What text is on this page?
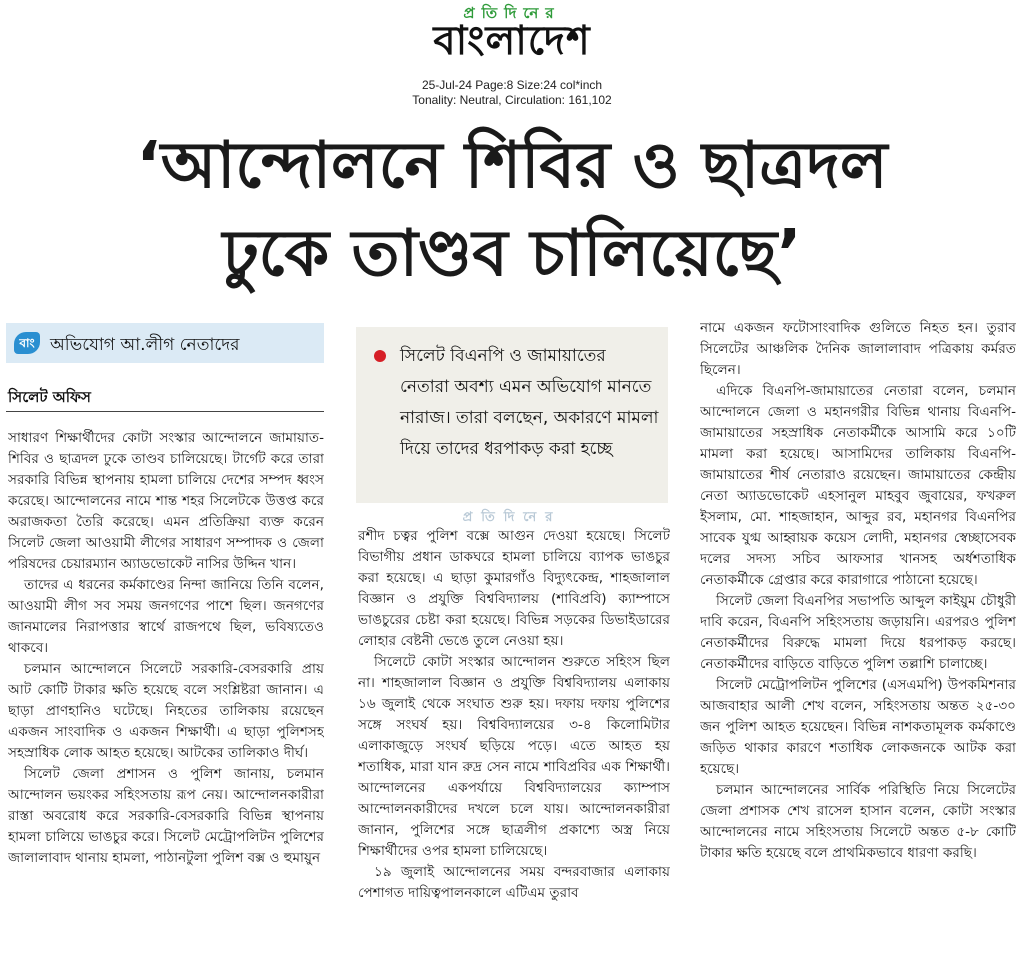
প্রতিদিনের
বাংলাদেশ
25-Jul-24 Page:8 Size:24 col*inch
Tonality: Neutral, Circulation: 161,102
‘আন্দোলনে শিবির ও ছাত্রদল
ঢুকে তাণ্ডব চালিয়েছে’
বাং অভিযোগ আ.লীগ নেতাদের
সিলেট অফিস
সিলেট বিএনপি ও জামায়াতের নেতারা অবশ্য এমন অভিযোগ মানতে নারাজ। তারা বলছেন, অকারণে মামলা দিয়ে তাদের ধরপাকড় করা হচ্ছে
প্রতিদিনের

সাধারণ শিক্ষার্থীদের কোটা সংস্কার আন্দোলনে জামায়াত-শিবির ও ছাত্রদল ঢুকে তাণ্ডব চালিয়েছে। টার্গেট করে তারা সরকারি বিভিন্ন স্থাপনায় হামলা চালিয়ে দেশের সম্পদ ধ্বংস করেছে। আন্দোলনের নামে শান্ত শহর সিলেটকে উত্তপ্ত করে অরাজকতা তৈরি করেছে। এমন প্রতিক্রিয়া ব্যক্ত করেন সিলেট জেলা আওয়ামী লীগের সাধারণ সম্পাদক ও জেলা পরিষদের চেয়ারম্যান অ্যাডভোকেট নাসির উদ্দিন খান।

তাদের এ ধরনের কর্মকাণ্ডের নিন্দা জানিয়ে তিনি বলেন, আওয়ামী লীগ সব সময় জনগণের পাশে ছিল। জনগণের জানমালের নিরাপত্তার স্বার্থে রাজপথে ছিল, ভবিষ্যতেও থাকবে।

চলমান আন্দোলনে সিলেটে সরকারি-বেসরকারি প্রায় আট কোটি টাকার ক্ষতি হয়েছে বলে সংশ্লিষ্টরা জানান। এ ছাড়া প্রাণহানিও ঘটেছে। নিহতের তালিকায় রয়েছেন একজন সাংবাদিক ও একজন শিক্ষার্থী। এ ছাড়া পুলিশসহ সহস্রাধিক লোক আহত হয়েছে। আটকের তালিকাও দীর্ঘ।

সিলেট জেলা প্রশাসন ও পুলিশ জানায়, চলমান আন্দোলন ভয়ংকর সহিংসতায় রূপ নেয়। আন্দোলনকারীরা রাস্তা অবরোধ করে সরকারি-বেসরকারি বিভিন্ন স্থাপনায় হামলা চালিয়ে ভাঙচুর করে। সিলেট মেট্রোপলিটন পুলিশের জালালাবাদ থানায় হামলা, পাঠানটুলা পুলিশ বক্স ও হুমায়ুন

রশীদ চত্বর পুলিশ বক্সে আগুন দেওয়া হয়েছে। সিলেট বিভাগীয় প্রধান ডাকঘরে হামলা চালিয়ে ব্যাপক ভাঙচুর করা হয়েছে। এ ছাড়া কুমারগাঁও বিদ্যুৎকেন্দ্র, শাহজালাল বিজ্ঞান ও প্রযুক্তি বিশ্ববিদ্যালয় (শাবিপ্রবি) ক্যাম্পাসে ভাঙচুরের চেষ্টা করা হয়েছে। বিভিন্ন সড়কের ডিভাইডারের লোহার বেষ্টনী ভেঙে তুলে নেওয়া হয়।

সিলেটে কোটা সংস্কার আন্দোলন শুরুতে সহিংস ছিল না। শাহজালাল বিজ্ঞান ও প্রযুক্তি বিশ্ববিদ্যালয় এলাকায় ১৬ জুলাই থেকে সংঘাত শুরু হয়। দফায় দফায় পুলিশের সঙ্গে সংঘর্ষ হয়। বিশ্ববিদ্যালয়ের ৩-৪ কিলোমিটার এলাকাজুড়ে সংঘর্ষ ছড়িয়ে পড়ে। এতে আহত হয় শতাধিক, মারা যান রুদ্র সেন নামে শাবিপ্রবির এক শিক্ষার্থী। আন্দোলনের একপর্যায়ে বিশ্ববিদ্যালয়ের ক্যাম্পাস আন্দোলনকারীদের দখলে চলে যায়। আন্দোলনকারীরা জানান, পুলিশের সঙ্গে ছাত্রলীগ প্রকাশ্যে অস্ত্র নিয়ে শিক্ষার্থীদের ওপর হামলা চালিয়েছে।

১৯ জুলাই আন্দোলনের সময় বন্দরবাজার এলাকায় পেশাগত দায়িত্বপালনকালে এটিএম তুরাব

নামে একজন ফটোসাংবাদিক গুলিতে নিহত হন। তুরাব সিলেটের আঞ্চলিক দৈনিক জালালাবাদ পত্রিকায় কর্মরত ছিলেন।

এদিকে বিএনপি-জামায়াতের নেতারা বলেন, চলমান আন্দোলনে জেলা ও মহানগরীর বিভিন্ন থানায় বিএনপি-জামায়াতের সহস্রাধিক নেতাকর্মীকে আসামি করে ১০টি মামলা করা হয়েছে। আসামিদের তালিকায় বিএনপি-জামায়াতের শীর্ষ নেতারাও রয়েছেন। জামায়াতের কেন্দ্রীয় নেতা অ্যাডভোকেট এহসানুল মাহবুব জুবায়ের, ফখরুল ইসলাম, মো. শাহজাহান, আব্দুর রব, মহানগর বিএনপির সাবেক যুগ্ম আহ্বায়ক কয়েস লোদী, মহানগর স্বেচ্ছাসেবক দলের সদস্য সচিব আফসার খানসহ অর্ধশতাধিক নেতাকর্মীকে গ্রেপ্তার করে কারাগারে পাঠানো হয়েছে।

সিলেট জেলা বিএনপির সভাপতি আব্দুল কাইয়ুম চৌধুরী দাবি করেন, বিএনপি সহিংসতায় জড়ায়নি। এরপরও পুলিশ নেতাকর্মীদের বিরুদ্ধে মামলা দিয়ে ধরপাকড় করছে। নেতাকর্মীদের বাড়িতে বাড়িতে পুলিশ তল্লাশি চালাচ্ছে।

সিলেট মেট্রোপলিটন পুলিশের (এসএমপি) উপকমিশনার আজবাহার আলী শেখ বলেন, সহিংসতায় অন্তত ২৫-৩০ জন পুলিশ আহত হয়েছেন। বিভিন্ন নাশকতামূলক কর্মকাণ্ডে জড়িত থাকার কারণে শতাধিক লোকজনকে আটক করা হয়েছে।

চলমান আন্দোলনের সার্বিক পরিস্থিতি নিয়ে সিলেটের জেলা প্রশাসক শেখ রাসেল হাসান বলেন, কোটা সংস্কার আন্দোলনের নামে সহিংসতায় সিলেটে অন্তত ৫-৮ কোটি টাকার ক্ষতি হয়েছে বলে প্রাথমিকভাবে ধারণা করছি।
